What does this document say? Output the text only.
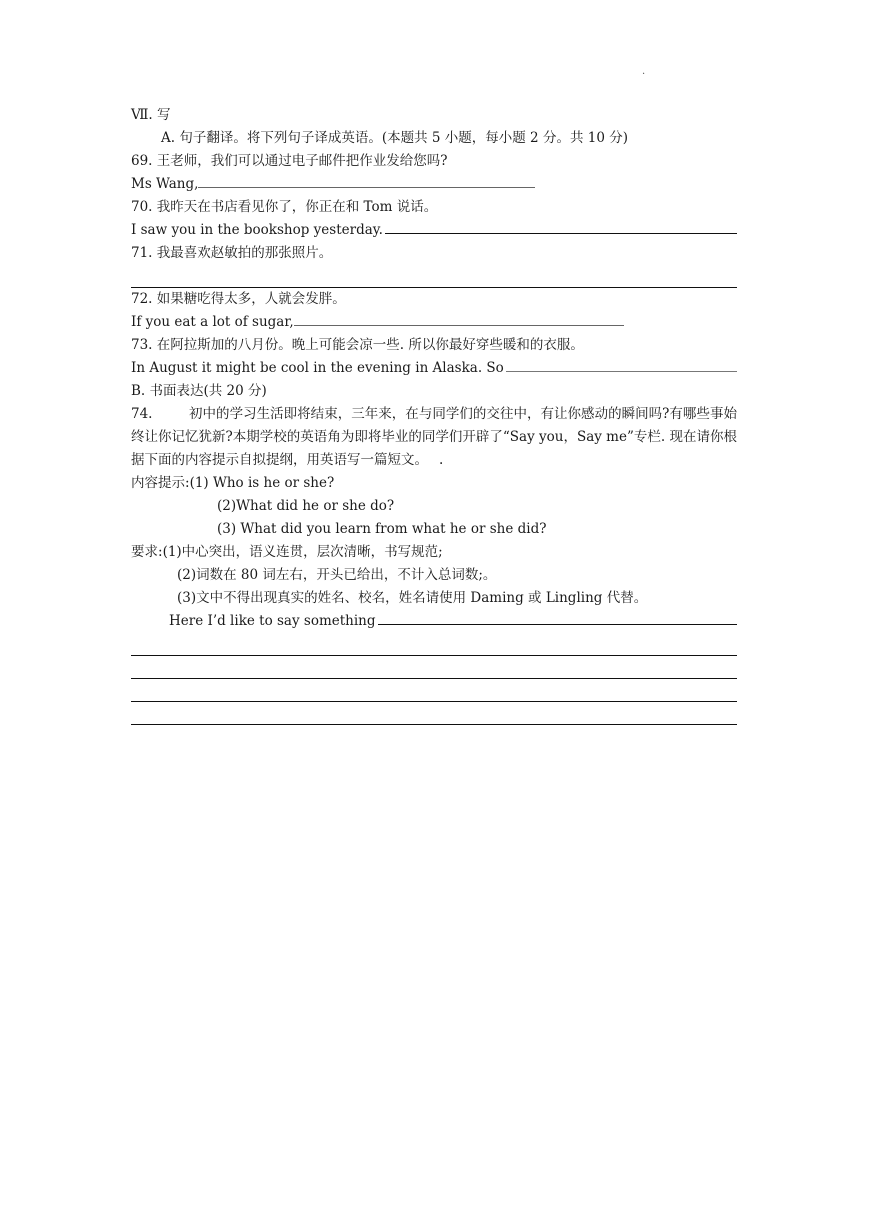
.
Ⅶ. 写
A. 句子翻译。将下列句子译成英语。(本题共 5 小题，每小题 2 分。共 10 分)
69. 王老师，我们可以通过电子邮件把作业发给您吗?
Ms Wang,
70. 我昨天在书店看见你了，你正在和 Tom 说话。
I saw you in the bookshop yesterday.
71. 我最喜欢赵敏拍的那张照片。
72. 如果糖吃得太多，人就会发胖。
If you eat a lot of sugar,
73. 在阿拉斯加的八月份。晚上可能会凉一些. 所以你最好穿些暖和的衣服。
In August it might be cool in the evening in Alaska. So
B. 书面表达(共 20 分)
74.	初中的学习生活即将结束，三年来，在与同学们的交往中，有让你感动的瞬间吗?有哪些事始终让你记忆犹新?本期学校的英语角为即将毕业的同学们开辟了“Say you，Say me”专栏. 现在请你根据下面的内容提示自拟提纲，用英语写一篇短文。　 .
内容提示:(1) Who is he or she?
(2)What did he or she do?
(3) What did you learn from what he or she did?
要求:(1)中心突出，语义连贯，层次清晰，书写规范;
(2)词数在 80 词左右，开头已给出，不计入总词数;。
(3)文中不得出现真实的姓名、校名，姓名请使用 Daming 或 Lingling 代替。
Here I’d like to say something
